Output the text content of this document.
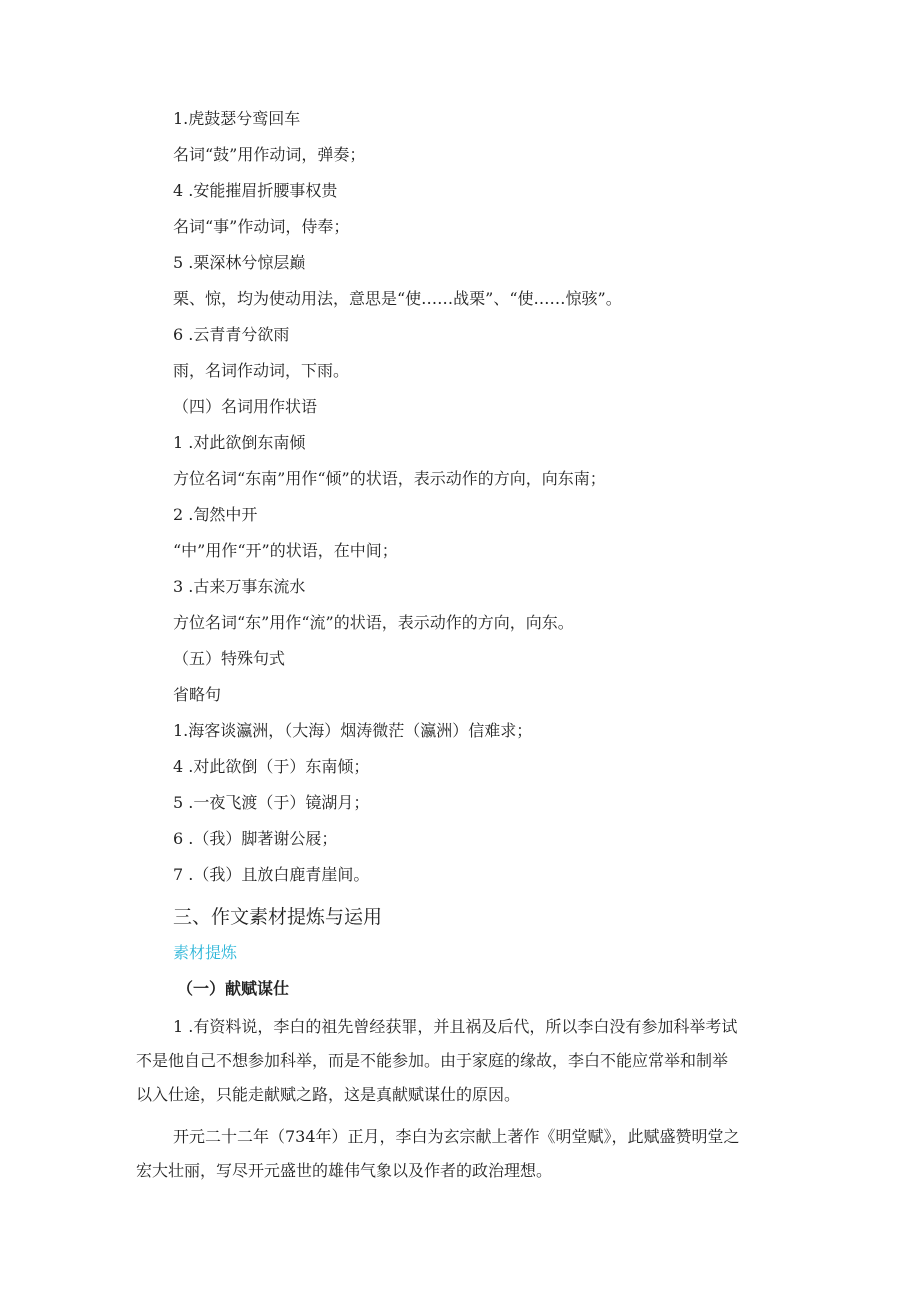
1.虎鼓瑟兮鸾回车
名词“鼓”用作动词，弹奏；
4 .安能摧眉折腰事权贵
名词“事”作动词，侍奉；
5 .栗深林兮惊层巅
栗、惊，均为使动用法，意思是“使……战栗”、“使……惊骇”。
6 .云青青兮欲雨
雨，名词作动词，下雨。
（四）名词用作状语
1 .对此欲倒东南倾
方位名词“东南”用作“倾”的状语，表示动作的方向，向东南；
2 .訇然中开
“中”用作“开”的状语，在中间；
3 .古来万事东流水
方位名词“东”用作“流”的状语，表示动作的方向，向东。
（五）特殊句式
省略句
1.海客谈瀛洲，（大海）烟涛微茫（瀛洲）信难求；
4 .对此欲倒（于）东南倾；
5 .一夜飞渡（于）镜湖月；
6 .（我）脚著谢公屐；
7 .（我）且放白鹿青崖间。
三、作文素材提炼与运用
素材提炼
（一）献赋谋仕
1 .有资料说，李白的祖先曾经获罪，并且祸及后代，所以李白没有参加科举考试
不是他自己不想参加科举，而是不能参加。由于家庭的缘故，李白不能应常举和制举
以入仕途，只能走献赋之路，这是真献赋谋仕的原因。
开元二十二年（734年）正月，李白为玄宗献上著作《明堂赋》，此赋盛赞明堂之
宏大壮丽，写尽开元盛世的雄伟气象以及作者的政治理想。
